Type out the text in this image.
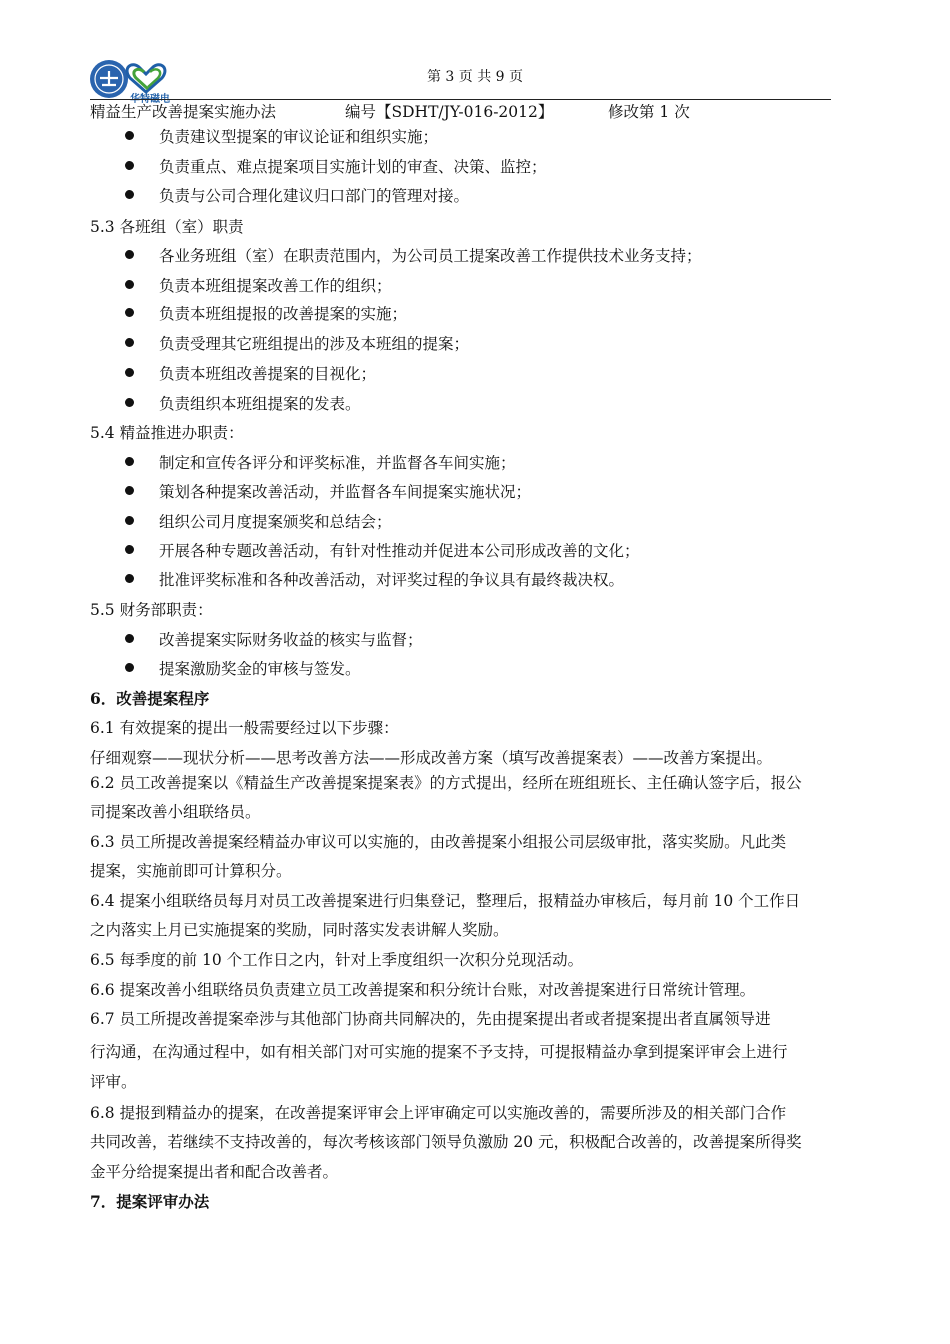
华特磁电
第 3 页 共 9 页
精益生产改善提案实施办法	编号【SDHT/JY-016-2012】	修改第 1 次
负责建议型提案的审议论证和组织实施；
负责重点、难点提案项目实施计划的审查、决策、监控；
负责与公司合理化建议归口部门的管理对接。
5.3 各班组（室）职责
各业务班组（室）在职责范围内，为公司员工提案改善工作提供技术业务支持；
负责本班组提案改善工作的组织；
负责本班组提报的改善提案的实施；
负责受理其它班组提出的涉及本班组的提案；
负责本班组改善提案的目视化；
负责组织本班组提案的发表。
5.4 精益推进办职责：
制定和宣传各评分和评奖标准，并监督各车间实施；
策划各种提案改善活动，并监督各车间提案实施状况；
组织公司月度提案颁奖和总结会；
开展各种专题改善活动，有针对性推动并促进本公司形成改善的文化；
批准评奖标准和各种改善活动，对评奖过程的争议具有最终裁决权。
5.5 财务部职责：
改善提案实际财务收益的核实与监督；
提案激励奖金的审核与签发。
6．改善提案程序
6.1 有效提案的提出一般需要经过以下步骤：
仔细观察——现状分析——思考改善方法——形成改善方案（填写改善提案表）——改善方案提出。
6.2 员工改善提案以《精益生产改善提案提案表》的方式提出，经所在班组班长、主任确认签字后，报公
司提案改善小组联络员。
6.3 员工所提改善提案经精益办审议可以实施的，由改善提案小组报公司层级审批，落实奖励。凡此类
提案，实施前即可计算积分。
6.4 提案小组联络员每月对员工改善提案进行归集登记，整理后，报精益办审核后，每月前 10 个工作日
之内落实上月已实施提案的奖励，同时落实发表讲解人奖励。
6.5 每季度的前 10 个工作日之内，针对上季度组织一次积分兑现活动。
6.6 提案改善小组联络员负责建立员工改善提案和积分统计台账，对改善提案进行日常统计管理。
6.7 员工所提改善提案牵涉与其他部门协商共同解决的，先由提案提出者或者提案提出者直属领导进
行沟通，在沟通过程中，如有相关部门对可实施的提案不予支持，可提报精益办拿到提案评审会上进行
评审。
6.8 提报到精益办的提案，在改善提案评审会上评审确定可以实施改善的，需要所涉及的相关部门合作
共同改善，若继续不支持改善的，每次考核该部门领导负激励 20 元，积极配合改善的，改善提案所得奖
金平分给提案提出者和配合改善者。
7．提案评审办法
